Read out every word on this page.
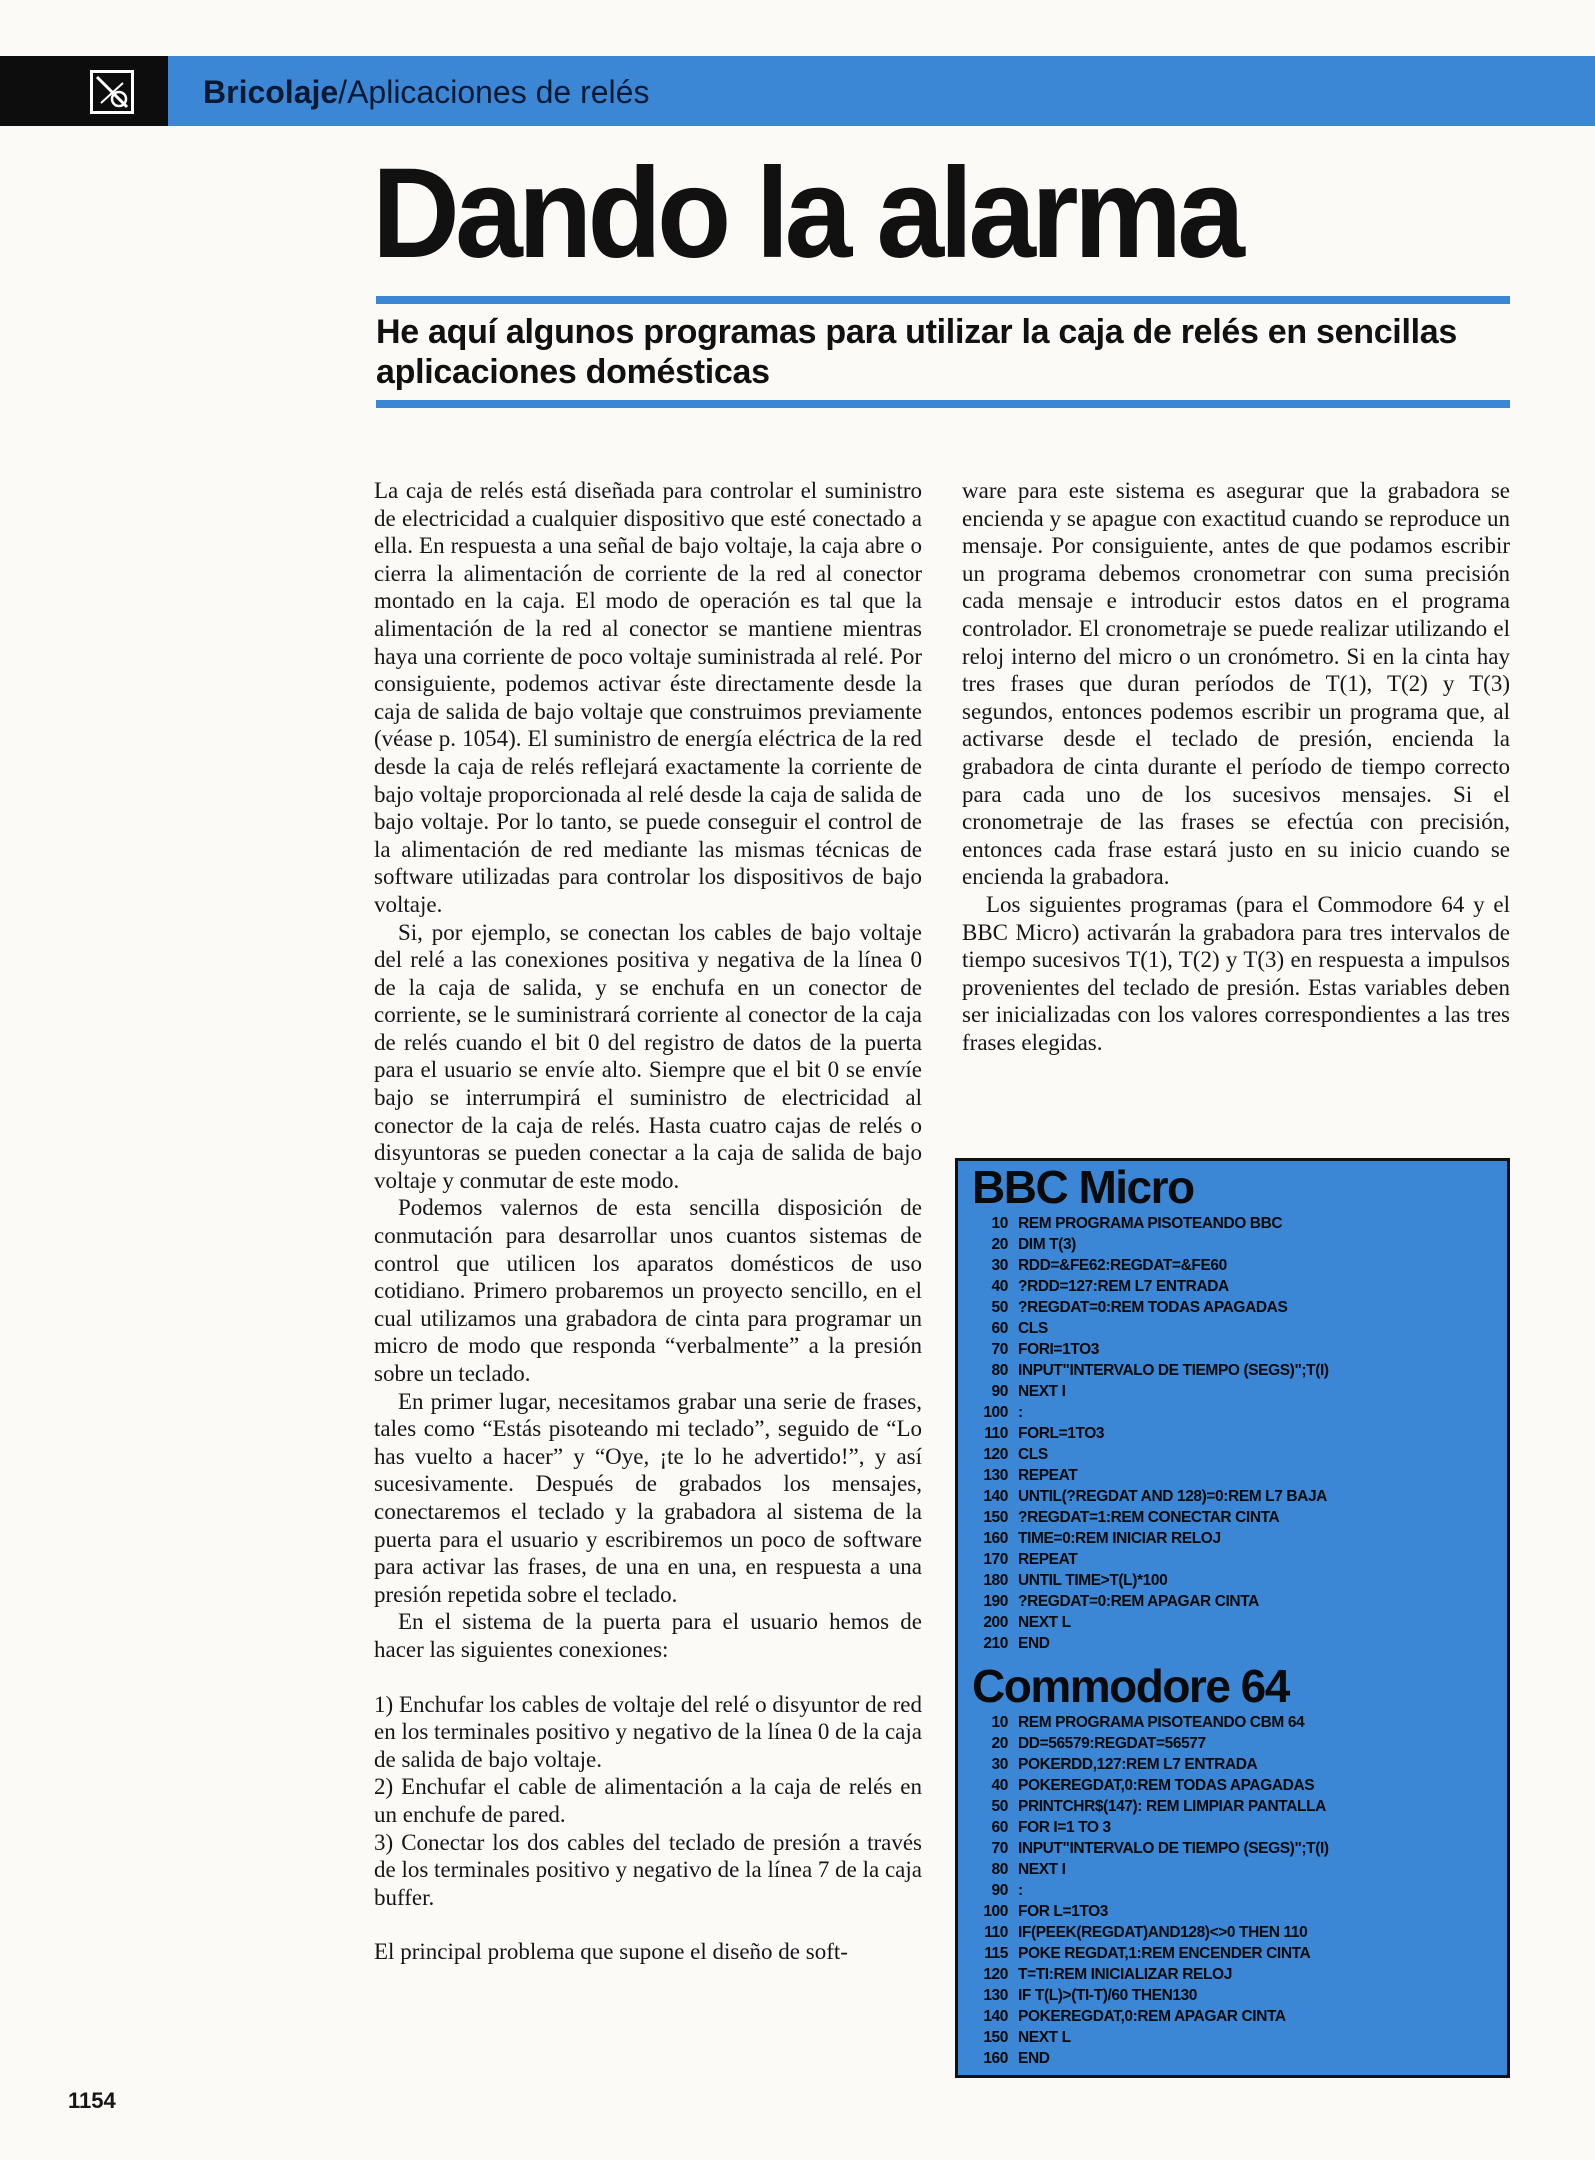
Bricolaje/Aplicaciones de relés
Dando la alarma
He aquí algunos programas para utilizar la caja de relés en sencillas aplicaciones domésticas

La caja de relés está diseñada para controlar el suministro de electricidad a cualquier dispositivo que esté conectado a ella. En respuesta a una señal de bajo voltaje, la caja abre o cierra la alimentación de corriente de la red al conector montado en la caja. El modo de operación es tal que la alimentación de la red al conector se mantiene mientras haya una corriente de poco voltaje suministrada al relé. Por consiguiente, podemos activar éste directamente desde la caja de salida de bajo voltaje que construimos previamente (véase p. 1054). El suministro de energía eléctrica de la red desde la caja de relés reflejará exactamente la corriente de bajo voltaje proporcionada al relé desde la caja de salida de bajo voltaje. Por lo tanto, se puede conseguir el control de la alimentación de red mediante las mismas técnicas de software utilizadas para controlar los dispositivos de bajo voltaje.

Si, por ejemplo, se conectan los cables de bajo voltaje del relé a las conexiones positiva y negativa de la línea 0 de la caja de salida, y se enchufa en un conector de corriente, se le suministrará corriente al conector de la caja de relés cuando el bit 0 del registro de datos de la puerta para el usuario se envíe alto. Siempre que el bit 0 se envíe bajo se interrumpirá el suministro de electricidad al conector de la caja de relés. Hasta cuatro cajas de relés o disyuntoras se pueden conectar a la caja de salida de bajo voltaje y conmutar de este modo.

Podemos valernos de esta sencilla disposición de conmutación para desarrollar unos cuantos sistemas de control que utilicen los aparatos domésticos de uso cotidiano. Primero probaremos un proyecto sencillo, en el cual utilizamos una grabadora de cinta para programar un micro de modo que responda “verbalmente” a la presión sobre un teclado.

En primer lugar, necesitamos grabar una serie de frases, tales como “Estás pisoteando mi teclado”, seguido de “Lo has vuelto a hacer” y “Oye, ¡te lo he advertido!”, y así sucesivamente. Después de grabados los mensajes, conectaremos el teclado y la grabadora al sistema de la puerta para el usuario y escribiremos un poco de software para activar las frases, de una en una, en respuesta a una presión repetida sobre el teclado.

En el sistema de la puerta para el usuario hemos de hacer las siguientes conexiones:

1) Enchufar los cables de voltaje del relé o disyuntor de red en los terminales positivo y negativo de la línea 0 de la caja de salida de bajo voltaje.

2) Enchufar el cable de alimentación a la caja de relés en un enchufe de pared.

3) Conectar los dos cables del teclado de presión a través de los terminales positivo y negativo de la línea 7 de la caja buffer.

El principal problema que supone el diseño de soft-

ware para este sistema es asegurar que la grabadora se encienda y se apague con exactitud cuando se reproduce un mensaje. Por consiguiente, antes de que podamos escribir un programa debemos cronometrar con suma precisión cada mensaje e introducir estos datos en el programa controlador. El cronometraje se puede realizar utilizando el reloj interno del micro o un cronómetro. Si en la cinta hay tres frases que duran períodos de T(1), T(2) y T(3) segundos, entonces podemos escribir un programa que, al activarse desde el teclado de presión, encienda la grabadora de cinta durante el período de tiempo correcto para cada uno de los sucesivos mensajes. Si el cronometraje de las frases se efectúa con precisión, entonces cada frase estará justo en su inicio cuando se encienda la grabadora.

Los siguientes programas (para el Commodore 64 y el BBC Micro) activarán la grabadora para tres intervalos de tiempo sucesivos T(1), T(2) y T(3) en respuesta a impulsos provenientes del teclado de presión. Estas variables deben ser inicializadas con los valores correspondientes a las tres frases elegidas.

BBC Micro
10 REM PROGRAMA PISOTEANDO BBC
20 DIM T(3)
30 RDD=&FE62:REGDAT=&FE60
40 ?RDD=127:REM L7 ENTRADA
50 ?REGDAT=0:REM TODAS APAGADAS
60 CLS
70 FORI=1TO3
80 INPUT"INTERVALO DE TIEMPO (SEGS)";T(I)
90 NEXT I
100 :
110 FORL=1TO3
120 CLS
130 REPEAT
140 UNTIL(?REGDAT AND 128)=0:REM L7 BAJA
150 ?REGDAT=1:REM CONECTAR CINTA
160 TIME=0:REM INICIAR RELOJ
170 REPEAT
180 UNTIL TIME>T(L)*100
190 ?REGDAT=0:REM APAGAR CINTA
200 NEXT L
210 END
Commodore 64
10 REM PROGRAMA PISOTEANDO CBM 64
20 DD=56579:REGDAT=56577
30 POKERDD,127:REM L7 ENTRADA
40 POKEREGDAT,0:REM TODAS APAGADAS
50 PRINTCHR$(147): REM LIMPIAR PANTALLA
60 FOR I=1 TO 3
70 INPUT"INTERVALO DE TIEMPO (SEGS)";T(I)
80 NEXT I
90 :
100 FOR L=1TO3
110 IF(PEEK(REGDAT)AND128)<>0 THEN 110
115 POKE REGDAT,1:REM ENCENDER CINTA
120 T=TI:REM INICIALIZAR RELOJ
130 IF T(L)>(TI-T)/60 THEN130
140 POKEREGDAT,0:REM APAGAR CINTA
150 NEXT L
160 END
1154
